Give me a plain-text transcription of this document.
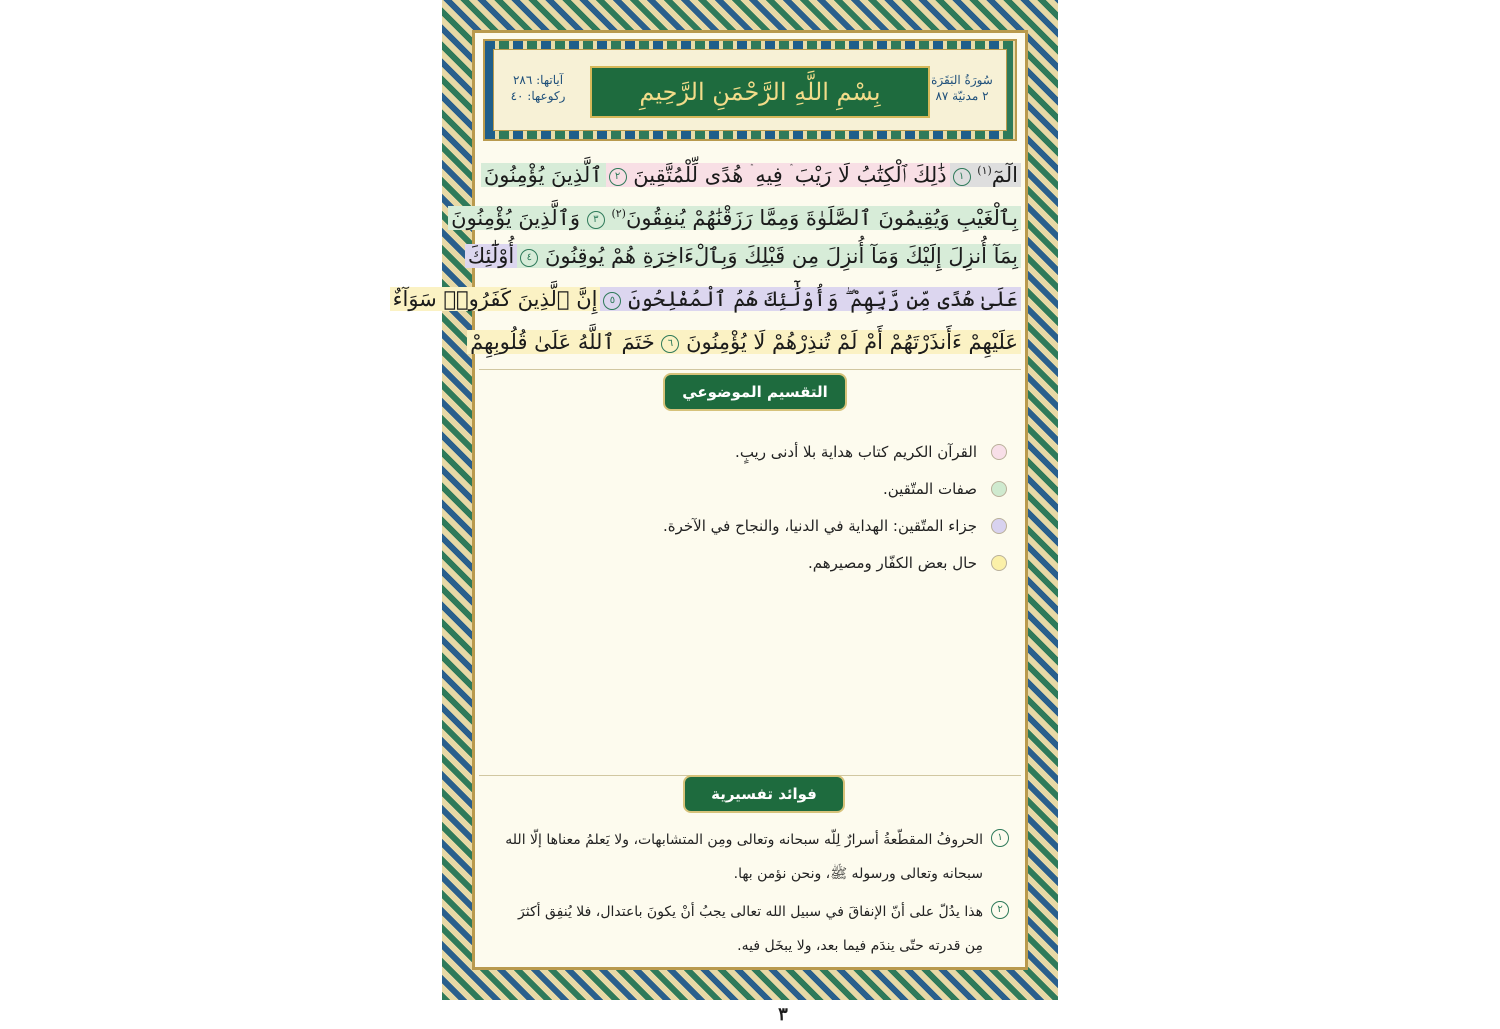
آياتها: ٢٨٦
ركوعها: ٤٠	بِسْمِ اللَّهِ الرَّحْمَنِ الرَّحِيمِ	سُورَةُ البَقَرَة
٢ مدنيّة ٨٧
الٓمٓ$^{(١)}$ ١ذَٰلِكَ ٱلْكِتَٰبُ لَا رَيْبَ ۛ فِيهِ ۛ هُدًى لِّلْمُتَّقِينَ ٢ٱلَّذِينَ يُؤْمِنُونَ
بِٱلْغَيْبِ وَيُقِيمُونَ ٱلصَّلَوٰةَ وَمِمَّا رَزَقْنَٰهُمْ يُنفِقُونَ$^{(٢)}$ ٣ وَٱلَّذِينَ يُؤْمِنُونَ
بِمَآ أُنزِلَ إِلَيْكَ وَمَآ أُنزِلَ مِن قَبْلِكَ وَبِٱلْءَاخِرَةِ هُمْ يُوقِنُونَ ٤أُوْلَٰٓئِكَ
عَلَىٰ هُدًى مِّن رَّبِّهِمْ ۖ وَأُوْلَٰٓئِكَ هُمُ ٱلْمُفْلِحُونَ ٥إِنَّ ٱلَّذِينَ كَفَرُوا۟ سَوَآءٌ
عَلَيْهِمْ ءَأَنذَرْتَهُمْ أَمْ لَمْ تُنذِرْهُمْ لَا يُؤْمِنُونَ ٦ خَتَمَ ٱللَّهُ عَلَىٰ قُلُوبِهِمْ
التقسيم الموضوعي
القرآن الكريم كتاب هداية بلا أدنى ريبٍ.
صفات المتّقين.
جزاء المتّقين: الهداية في الدنيا، والنجاح في الآخرة.
حال بعض الكفّار ومصيرهم.
فوائد تفسيرية
١
الحروفُ المقطّعةُ أسرارٌ لِلّه سبحانه وتعالى ومِن المتشابهات، ولا يَعلمُ معناها إلّا الله سبحانه وتعالى ورسوله ﷺ، ونحن نؤمن بها.
٢
هذا يدُلّ على أنّ الإنفاقَ في سبيل الله تعالى يجبُ أنْ يكونَ باعتدال، فلا يُنفِق أكثرَ مِن قدرته حتّى يندَم فيما بعد، ولا يبخَل فيه.
٣
